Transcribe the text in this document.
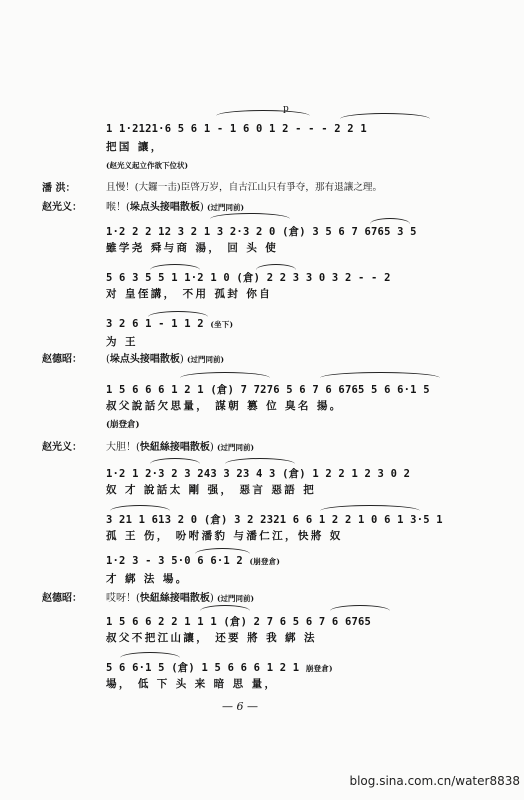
p
1 1·2121·6 5 6 1 - 1 6 0 1 2 - - - 2 2 1
把国 讓，
(赵光义起立作欲下位状)
潘 洪：	且慢！(大鑼一击)臣啓万岁，自古江山只有爭夺，那有退讓之理。
赵光义： 喉！(垛点头接唱散板) (过門同前)
1·2 2 2 12 3 2 1 3 2·3 2 0 (倉) 3 5 6 7 6765 3 5
雖学尧 舜与商 湯， 回 头 使
5 6 3 5 5 1 1·2 1 0 (倉) 2 2 3 3 0 3 2 - - 2
对 皇侄講， 不用 孤封 你自
3 2 6 1 - 1 1 2 (坐下)
为 王
赵德昭： (垛点头接唱散板) (过門同前)
1 5 6 6 6 1 2 1 (倉) 7 7276 5 6 7 6 6765 5 6 6·1 5
叔父說話欠思量， 謀朝 篡 位 臭名 揚。
(崩登倉)
赵光义： 大胆！(快紐絲接唱散板) (过門同前)
1·2 1 2·3 2 3 243 3 23 4 3 (倉) 1 2 2 1 2 3 0 2
奴 才 說話太 剛 强， 惡言 惡語 把
3 21 1 613 2 0 (倉) 3 2 2321 6 6 1 2 2 1 0 6 1 3·5 1
孤 王 伤， 吩咐潘豹 与潘仁江，快將 奴
1·2 3 - 3 5·0 6 6·1 2 (崩登倉)
才 綁 法 場。
赵德昭： 哎呀！(快紐絲接唱散板) (过門同前)
1 5 6 6 2 2 1 1 1 (倉) 2 7 6 5 6 7 6 6765
叔父不把江山讓， 还要 將 我 綁 法
5 6 6·1 5 (倉) 1 5 6 6 6 1 2 1 崩登倉)
場， 低 下 头 来 暗 思 量，
— 6 —
blog.sina.com.cn/water8838
